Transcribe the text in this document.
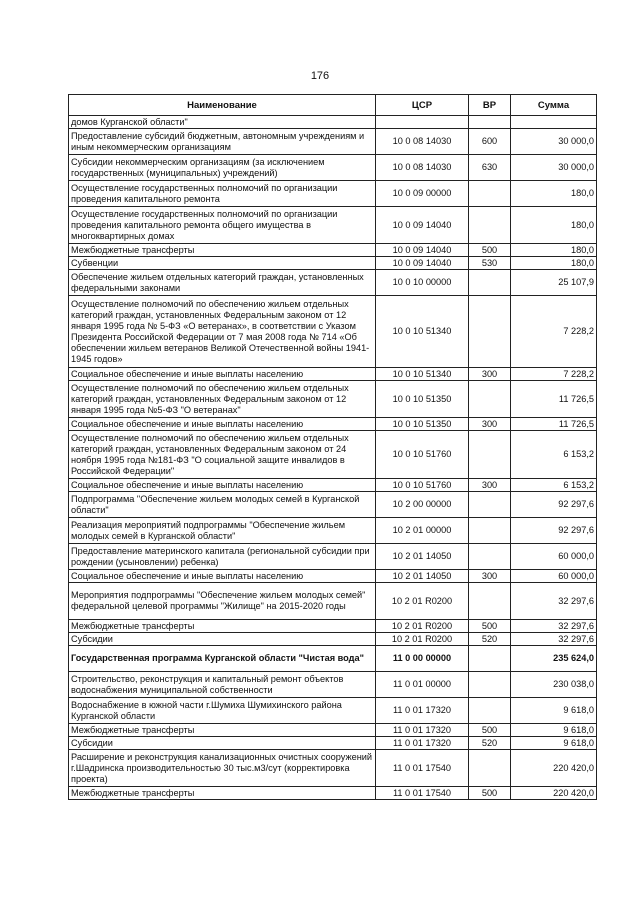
176
Наименование	ЦСР	ВР	Сумма
домов Курганской области"			
Предоставление субсидий бюджетным, автономным учреждениям и иным некоммерческим организациям	10 0 08 14030	600	30 000,0
Субсидии некоммерческим организациям (за исключением государственных (муниципальных) учреждений)	10 0 08 14030	630	30 000,0
Осуществление государственных полномочий по организации проведения капитального ремонта	10 0 09 00000		180,0
Осуществление государственных полномочий по организации проведения капитального ремонта общего имущества в многоквартирных домах	10 0 09 14040		180,0
Межбюджетные трансферты	10 0 09 14040	500	180,0
Субвенции	10 0 09 14040	530	180,0
Обеспечение жильем отдельных категорий граждан, установленных федеральными законами	10 0 10 00000		25 107,9
Осуществление полномочий по обеспечению жильем отдельных категорий граждан, установленных Федеральным законом от 12 января 1995 года № 5-ФЗ «О ветеранах», в соответствии с Указом Президента Российской Федерации от 7 мая 2008 года № 714 «Об обеспечении жильем ветеранов Великой Отечественной войны 1941-1945 годов»	10 0 10 51340		7 228,2
Социальное обеспечение и иные выплаты населению	10 0 10 51340	300	7 228,2
Осуществление полномочий по обеспечению жильем отдельных категорий граждан, установленных Федеральным законом от 12 января 1995 года №5-ФЗ "О ветеранах"	10 0 10 51350		11 726,5
Социальное обеспечение и иные выплаты населению	10 0 10 51350	300	11 726,5
Осуществление полномочий по обеспечению жильем отдельных категорий граждан, установленных Федеральным законом от 24 ноября 1995 года №181-ФЗ "О социальной защите инвалидов в Российской Федерации"	10 0 10 51760		6 153,2
Социальное обеспечение и иные выплаты населению	10 0 10 51760	300	6 153,2
Подпрограмма "Обеспечение жильем молодых семей в Курганской области"	10 2 00 00000		92 297,6
Реализация мероприятий подпрограммы "Обеспечение жильем молодых семей в Курганской области"	10 2 01 00000		92 297,6
Предоставление материнского капитала (региональной субсидии при рождении (усыновлении) ребенка)	10 2 01 14050		60 000,0
Социальное обеспечение и иные выплаты населению	10 2 01 14050	300	60 000,0
Мероприятия подпрограммы "Обеспечение жильем молодых семей" федеральной целевой программы "Жилище" на 2015-2020 годы	10 2 01 R0200		32 297,6
Межбюджетные трансферты	10 2 01 R0200	500	32 297,6
Субсидии	10 2 01 R0200	520	32 297,6
Государственная программа Курганской области "Чистая вода"	11 0 00 00000		235 624,0
Строительство, реконструкция и капитальный ремонт объектов водоснабжения муниципальной собственности	11 0 01 00000		230 038,0
Водоснабжение в южной части г.Шумиха Шумихинского района Курганской области	11 0 01 17320		9 618,0
Межбюджетные трансферты	11 0 01 17320	500	9 618,0
Субсидии	11 0 01 17320	520	9 618,0
Расширение и реконструкция канализационных очистных сооружений г.Шадринска производительностью 30 тыс.м3/сут (корректировка проекта)	11 0 01 17540		220 420,0
Межбюджетные трансферты	11 0 01 17540	500	220 420,0
